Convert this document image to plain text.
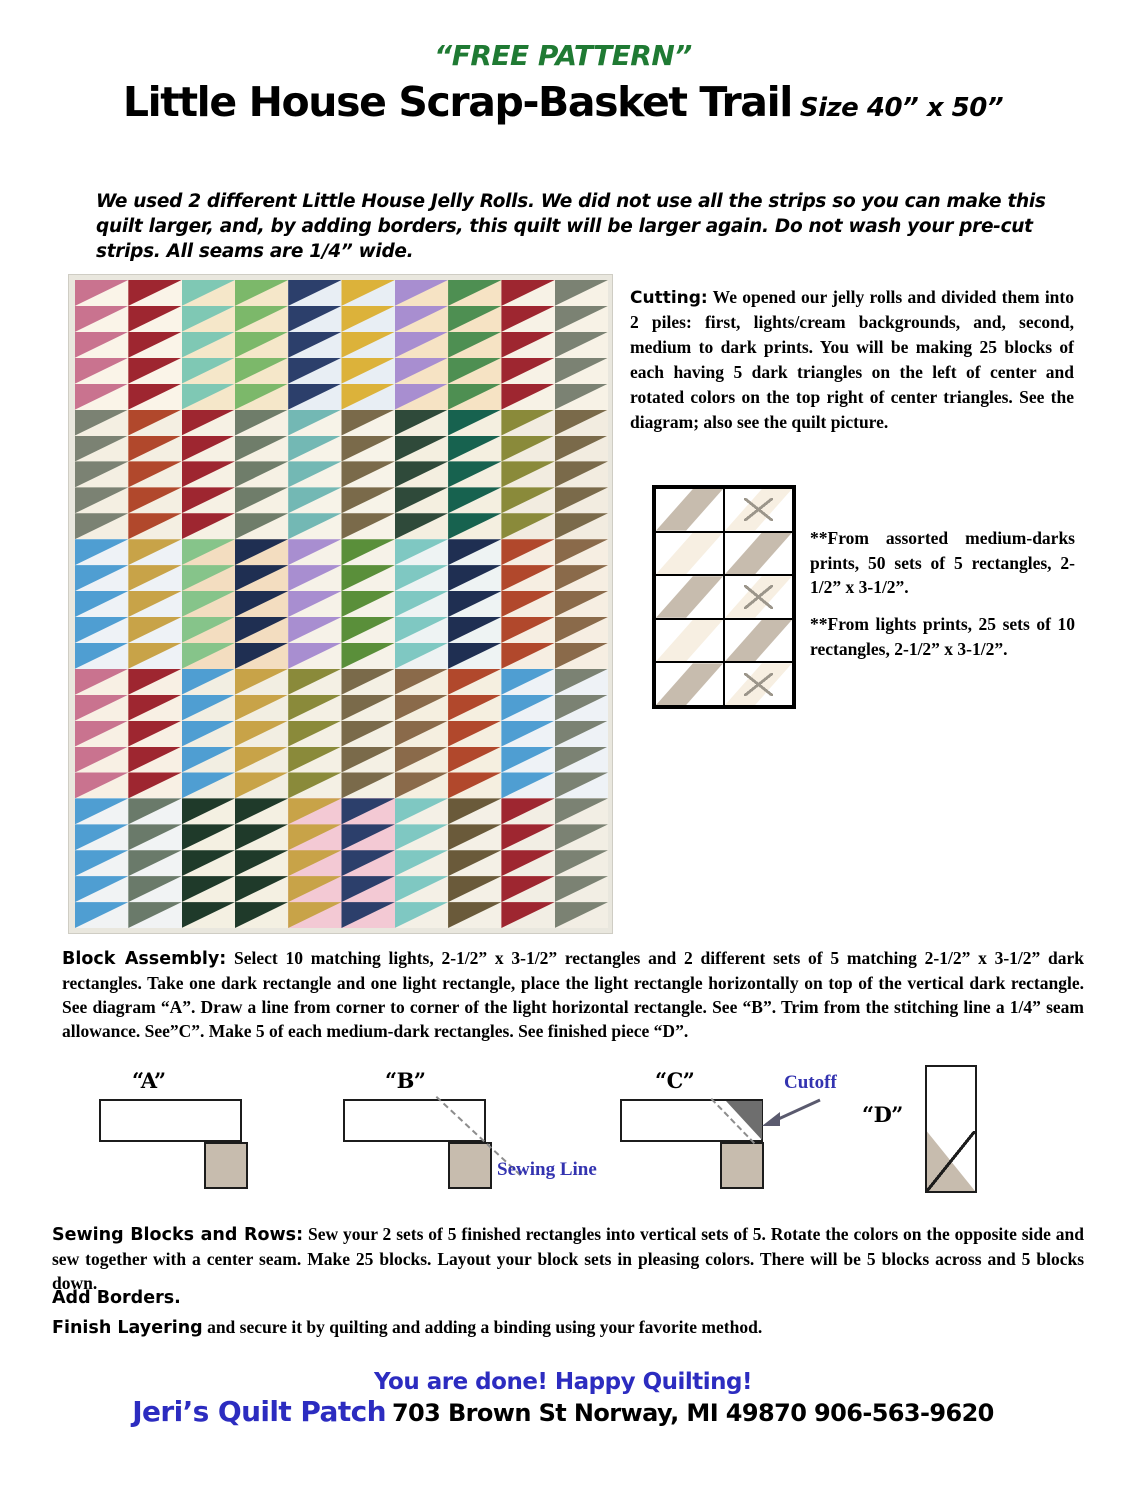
“FREE PATTERN”
Little House Scrap-Basket Trail Size 40” x 50”
We used 2 different Little House Jelly Rolls. We did not use all the strips so you can make this quilt larger, and, by adding borders, this quilt will be larger again. Do not wash your pre-cut strips. All seams are 1/4” wide.
Cutting: We opened our jelly rolls and divided them into 2 piles: first, lights/cream backgrounds, and, second, medium to dark prints. You will be making 25 blocks of each having 5 dark triangles on the left of center and rotated colors on the top right of center triangles. See the diagram; also see the quilt picture.
**From assorted medium-darks prints, 50 sets of 5 rectangles, 2-1/2” x 3-1/2”.
**From lights prints, 25 sets of 10 rectangles, 2-1/2” x 3-1/2”.
Block Assembly: Select 10 matching lights, 2-1/2” x 3-1/2” rectangles and 2 different sets of 5 matching 2-1/2” x 3-1/2” dark rectangles. Take one dark rectangle and one light rectangle, place the light rectangle horizontally on top of the vertical dark rectangle. See diagram “A”. Draw a line from corner to corner of the light horizontal rectangle. See “B”. Trim from the stitching line a 1/4” seam allowance. See”C”. Make 5 of each medium-dark rectangles. See finished piece “D”.
“A”	“B”
Sewing Line
“C”	Cutoff
“D”
Sewing Blocks and Rows: Sew your 2 sets of 5 finished rectangles into vertical sets of 5. Rotate the colors on the opposite side and sew together with a center seam. Make 25 blocks. Layout your block sets in pleasing colors. There will be 5 blocks across and 5 blocks down.
Add Borders.
Finish Layering and secure it by quilting and adding a binding using your favorite method.
You are done! Happy Quilting!
Jeri’s Quilt Patch 703 Brown St Norway, MI 49870 906-563-9620
